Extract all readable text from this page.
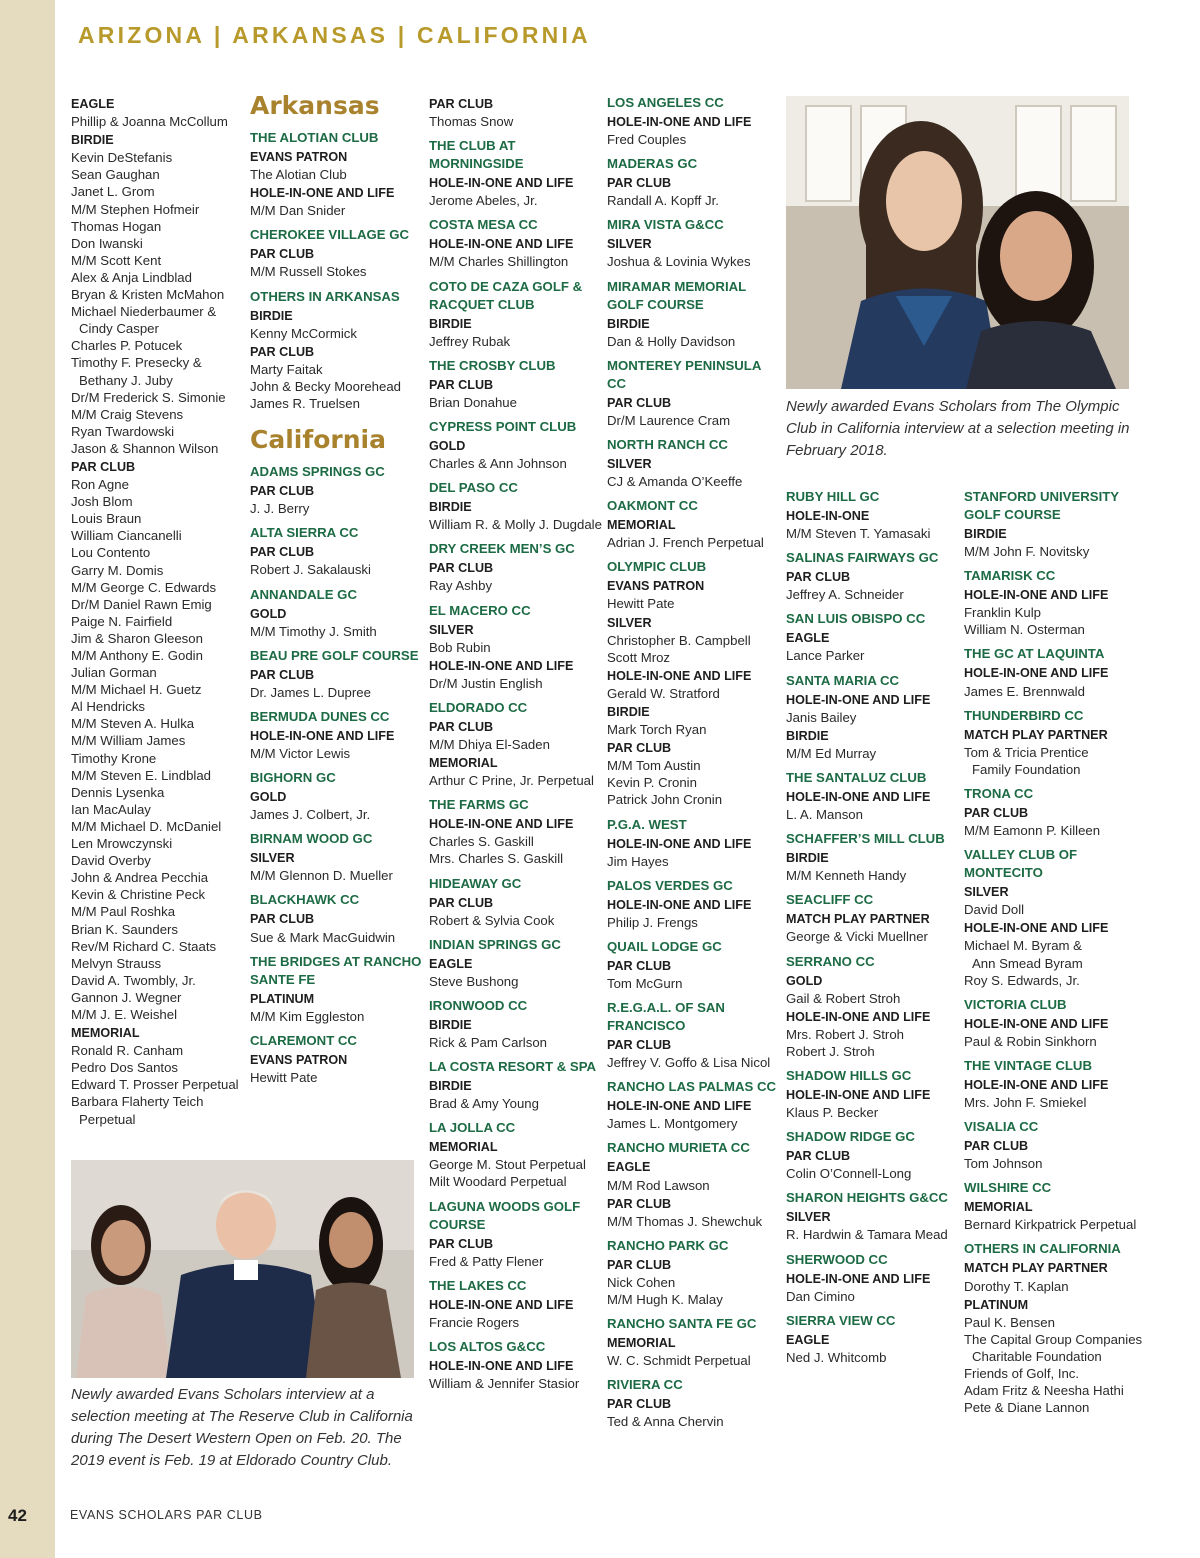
ARIZONA | ARKANSAS | CALIFORNIA
EAGLE
Phillip & Joanna McCollum
BIRDIE
Kevin DeStefanis
Sean Gaughan
Janet L. Grom
M/M Stephen Hofmeir
Thomas Hogan
Don Iwanski
M/M Scott Kent
Alex & Anja Lindblad
Bryan & Kristen McMahon
Michael Niederbaumer &
Cindy Casper
Charles P. Potucek
Timothy F. Presecky &
Bethany J. Juby
Dr/M Frederick S. Simonie
M/M Craig Stevens
Ryan Twardowski
Jason & Shannon Wilson
PAR CLUB
Ron Agne
Josh Blom
Louis Braun
William Ciancanelli
Lou Contento
Garry M. Domis
M/M George C. Edwards
Dr/M Daniel Rawn Emig
Paige N. Fairfield
Jim & Sharon Gleeson
M/M Anthony E. Godin
Julian Gorman
M/M Michael H. Guetz
Al Hendricks
M/M Steven A. Hulka
M/M William James
Timothy Krone
M/M Steven E. Lindblad
Dennis Lysenka
Ian MacAulay
M/M Michael D. McDaniel
Len Mrowczynski
David Overby
John & Andrea Pecchia
Kevin & Christine Peck
M/M Paul Roshka
Brian K. Saunders
Rev/M Richard C. Staats
Melvyn Strauss
David A. Twombly, Jr.
Gannon J. Wegner
M/M J. E. Weishel
MEMORIAL
Ronald R. Canham
Pedro Dos Santos
Edward T. Prosser Perpetual
Barbara Flaherty Teich
Perpetual
Arkansas
THE ALOTIAN CLUB
EVANS PATRON
The Alotian Club
HOLE-IN-ONE AND LIFE
M/M Dan Snider
CHEROKEE VILLAGE GC
PAR CLUB
M/M Russell Stokes
OTHERS IN ARKANSAS
BIRDIE
Kenny McCormick
PAR CLUB
Marty Faitak
John & Becky Moorehead
James R. Truelsen
California
ADAMS SPRINGS GC
PAR CLUB
J. J. Berry
ALTA SIERRA CC
PAR CLUB
Robert J. Sakalauski
ANNANDALE GC
GOLD
M/M Timothy J. Smith
BEAU PRE GOLF COURSE
PAR CLUB
Dr. James L. Dupree
BERMUDA DUNES CC
HOLE-IN-ONE AND LIFE
M/M Victor Lewis
BIGHORN GC
GOLD
James J. Colbert, Jr.
BIRNAM WOOD GC
SILVER
M/M Glennon D. Mueller
BLACKHAWK CC
PAR CLUB
Sue & Mark MacGuidwin
THE BRIDGES AT RANCHO SANTE FE
PLATINUM
M/M Kim Eggleston
CLAREMONT CC
EVANS PATRON
Hewitt Pate
PAR CLUB
Thomas Snow
THE CLUB AT MORNINGSIDE
HOLE-IN-ONE AND LIFE
Jerome Abeles, Jr.
COSTA MESA CC
HOLE-IN-ONE AND LIFE
M/M Charles Shillington
COTO DE CAZA GOLF & RACQUET CLUB
BIRDIE
Jeffrey Rubak
THE CROSBY CLUB
PAR CLUB
Brian Donahue
CYPRESS POINT CLUB
GOLD
Charles & Ann Johnson
DEL PASO CC
BIRDIE
William R. & Molly J. Dugdale
DRY CREEK MEN’S GC
PAR CLUB
Ray Ashby
EL MACERO CC
SILVER
Bob Rubin
HOLE-IN-ONE AND LIFE
Dr/M Justin English
ELDORADO CC
PAR CLUB
M/M Dhiya El-Saden
MEMORIAL
Arthur C Prine, Jr. Perpetual
THE FARMS GC
HOLE-IN-ONE AND LIFE
Charles S. Gaskill
Mrs. Charles S. Gaskill
HIDEAWAY GC
PAR CLUB
Robert & Sylvia Cook
INDIAN SPRINGS GC
EAGLE
Steve Bushong
IRONWOOD CC
BIRDIE
Rick & Pam Carlson
LA COSTA RESORT & SPA
BIRDIE
Brad & Amy Young
LA JOLLA CC
MEMORIAL
George M. Stout Perpetual
Milt Woodard Perpetual
LAGUNA WOODS GOLF COURSE
PAR CLUB
Fred & Patty Flener
THE LAKES CC
HOLE-IN-ONE AND LIFE
Francie Rogers
LOS ALTOS G&CC
HOLE-IN-ONE AND LIFE
William & Jennifer Stasior
LOS ANGELES CC
HOLE-IN-ONE AND LIFE
Fred Couples
MADERAS GC
PAR CLUB
Randall A. Kopff Jr.
MIRA VISTA G&CC
SILVER
Joshua & Lovinia Wykes
MIRAMAR MEMORIAL GOLF COURSE
BIRDIE
Dan & Holly Davidson
MONTEREY PENINSULA CC
PAR CLUB
Dr/M Laurence Cram
NORTH RANCH CC
SILVER
CJ & Amanda O’Keeffe
OAKMONT CC
MEMORIAL
Adrian J. French Perpetual
OLYMPIC CLUB
EVANS PATRON
Hewitt Pate
SILVER
Christopher B. Campbell
Scott Mroz
HOLE-IN-ONE AND LIFE
Gerald W. Stratford
BIRDIE
Mark Torch Ryan
PAR CLUB
M/M Tom Austin
Kevin P. Cronin
Patrick John Cronin
P.G.A. WEST
HOLE-IN-ONE AND LIFE
Jim Hayes
PALOS VERDES GC
HOLE-IN-ONE AND LIFE
Philip J. Frengs
QUAIL LODGE GC
PAR CLUB
Tom McGurn
R.E.G.A.L. OF SAN FRANCISCO
PAR CLUB
Jeffrey V. Goffo & Lisa Nicol
RANCHO LAS PALMAS CC
HOLE-IN-ONE AND LIFE
James L. Montgomery
RANCHO MURIETA CC
EAGLE
M/M Rod Lawson
PAR CLUB
M/M Thomas J. Shewchuk
RANCHO PARK GC
PAR CLUB
Nick Cohen
M/M Hugh K. Malay
RANCHO SANTA FE GC
MEMORIAL
W. C. Schmidt Perpetual
RIVIERA CC
PAR CLUB
Ted & Anna Chervin
RUBY HILL GC
HOLE-IN-ONE
M/M Steven T. Yamasaki
SALINAS FAIRWAYS GC
PAR CLUB
Jeffrey A. Schneider
SAN LUIS OBISPO CC
EAGLE
Lance Parker
SANTA MARIA CC
HOLE-IN-ONE AND LIFE
Janis Bailey
BIRDIE
M/M Ed Murray
THE SANTALUZ CLUB
HOLE-IN-ONE AND LIFE
L. A. Manson
SCHAFFER’S MILL CLUB
BIRDIE
M/M Kenneth Handy
SEACLIFF CC
MATCH PLAY PARTNER
George & Vicki Muellner
SERRANO CC
GOLD
Gail & Robert Stroh
HOLE-IN-ONE AND LIFE
Mrs. Robert J. Stroh
Robert J. Stroh
SHADOW HILLS GC
HOLE-IN-ONE AND LIFE
Klaus P. Becker
SHADOW RIDGE GC
PAR CLUB
Colin O’Connell-Long
SHARON HEIGHTS G&CC
SILVER
R. Hardwin & Tamara Mead
SHERWOOD CC
HOLE-IN-ONE AND LIFE
Dan Cimino
SIERRA VIEW CC
EAGLE
Ned J. Whitcomb
STANFORD UNIVERSITY GOLF COURSE
BIRDIE
M/M John F. Novitsky
TAMARISK CC
HOLE-IN-ONE AND LIFE
Franklin Kulp
William N. Osterman
THE GC AT LAQUINTA
HOLE-IN-ONE AND LIFE
James E. Brennwald
THUNDERBIRD CC
MATCH PLAY PARTNER
Tom & Tricia Prentice
Family Foundation
TRONA CC
PAR CLUB
M/M Eamonn P. Killeen
VALLEY CLUB OF MONTECITO
SILVER
David Doll
HOLE-IN-ONE AND LIFE
Michael M. Byram &
Ann Smead Byram
Roy S. Edwards, Jr.
VICTORIA CLUB
HOLE-IN-ONE AND LIFE
Paul & Robin Sinkhorn
THE VINTAGE CLUB
HOLE-IN-ONE AND LIFE
Mrs. John F. Smiekel
VISALIA CC
PAR CLUB
Tom Johnson
WILSHIRE CC
MEMORIAL
Bernard Kirkpatrick Perpetual
OTHERS IN CALIFORNIA
MATCH PLAY PARTNER
Dorothy T. Kaplan
PLATINUM
Paul K. Bensen
The Capital Group Companies
Charitable Foundation
Friends of Golf, Inc.
Adam Fritz & Neesha Hathi
Pete & Diane Lannon
Newly awarded Evans Scholars from The Olympic Club in California interview at a selection meeting in February 2018.
Newly awarded Evans Scholars interview at a selection meeting at The Reserve Club in California during The Desert Western Open on Feb. 20. The 2019 event is Feb. 19 at Eldorado Country Club.
42	EVANS SCHOLARS PAR CLUB
